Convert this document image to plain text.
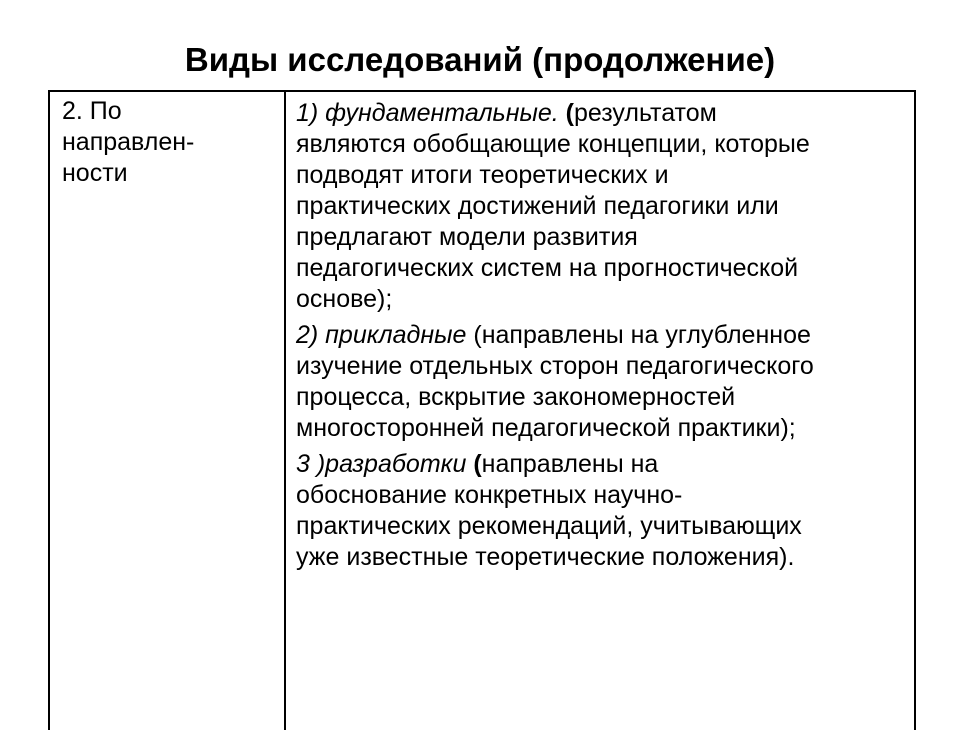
Виды исследований (продолжение)
2. По
направлен-
ности
1) фундаментальные. (результатом
являются обобщающие концепции, которые
подводят итоги теоретических и
практических достижений педагогики или
предлагают модели развития
педагогических систем на прогностической
основе);
2) прикладные (направлены на углубленное
изучение отдельных сторон педагогического
процесса, вскрытие закономерностей
многосторонней педагогической практики);
3 )разработки (направлены на
обоснование конкретных научно-
практических рекомендаций, учитывающих
уже известные теоретические положения).
